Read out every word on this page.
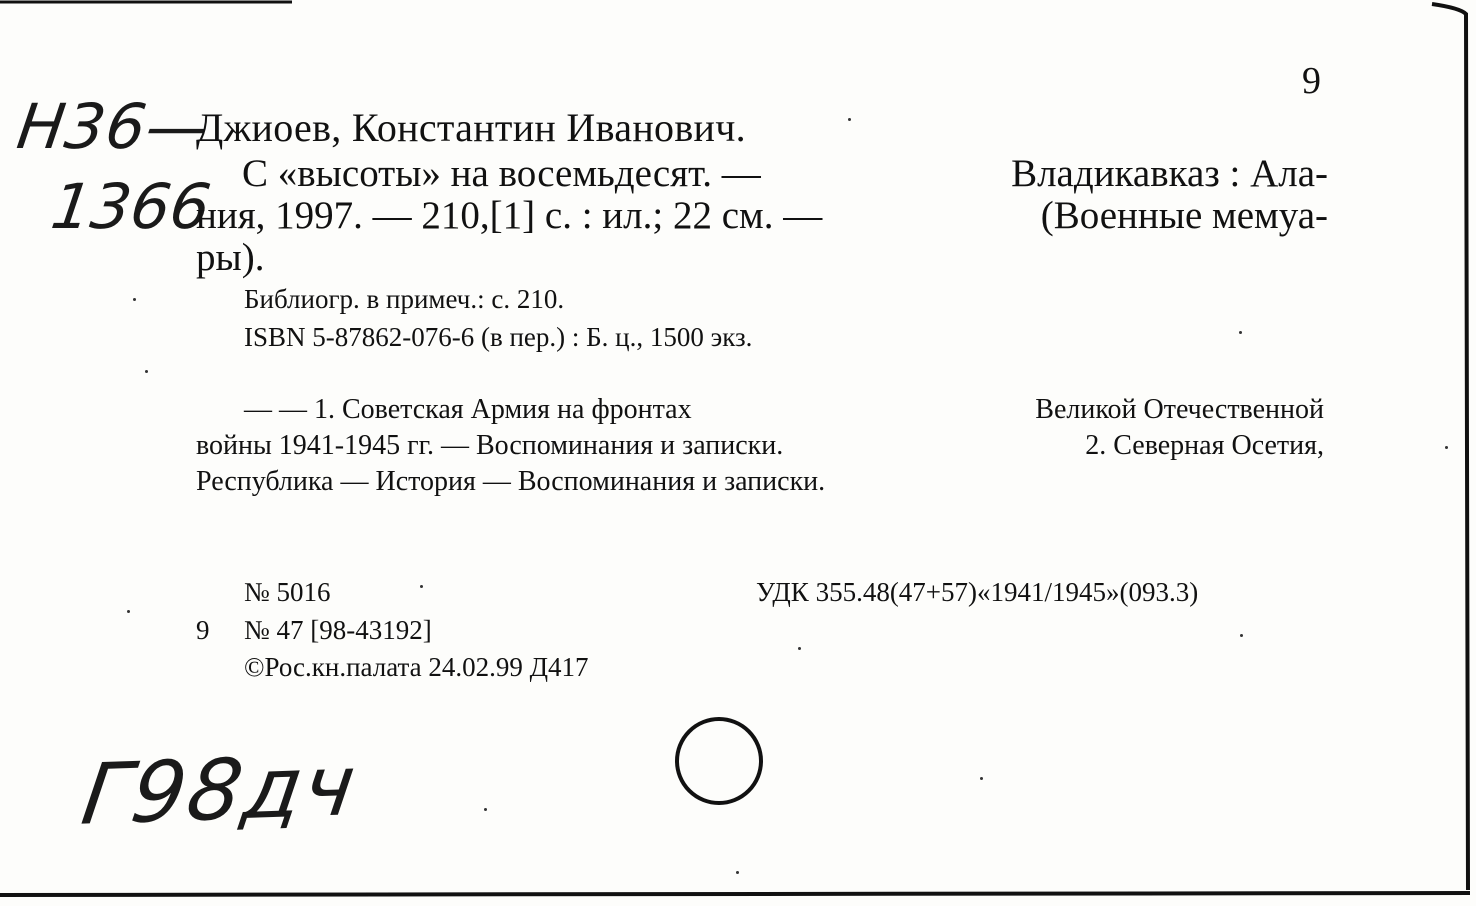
9
Н36—
1366
Джиоев, Константин Иванович.
С «высоты» на восемьдесят. —	Владикавказ : Ала-
ния, 1997. — 210,[1] с. : ил.; 22 см. —	(Военные мемуа-
ры).
Библиогр. в примеч.: с. 210.
ISBN 5-87862-076-6 (в пер.) : Б. ц., 1500 экз.
— — 1. Советская Армия на фронтах	Великой Отечественной
войны 1941-1945 гг. — Воспоминания и записки.	2. Северная Осетия,
Республика — История — Воспоминания и записки.
№ 5016	УДК 355.48(47+57)«1941/1945»(093.3)
9 № 47 [98-43192]
©Рос.кн.палата 24.02.99 Д417
Г98дч
